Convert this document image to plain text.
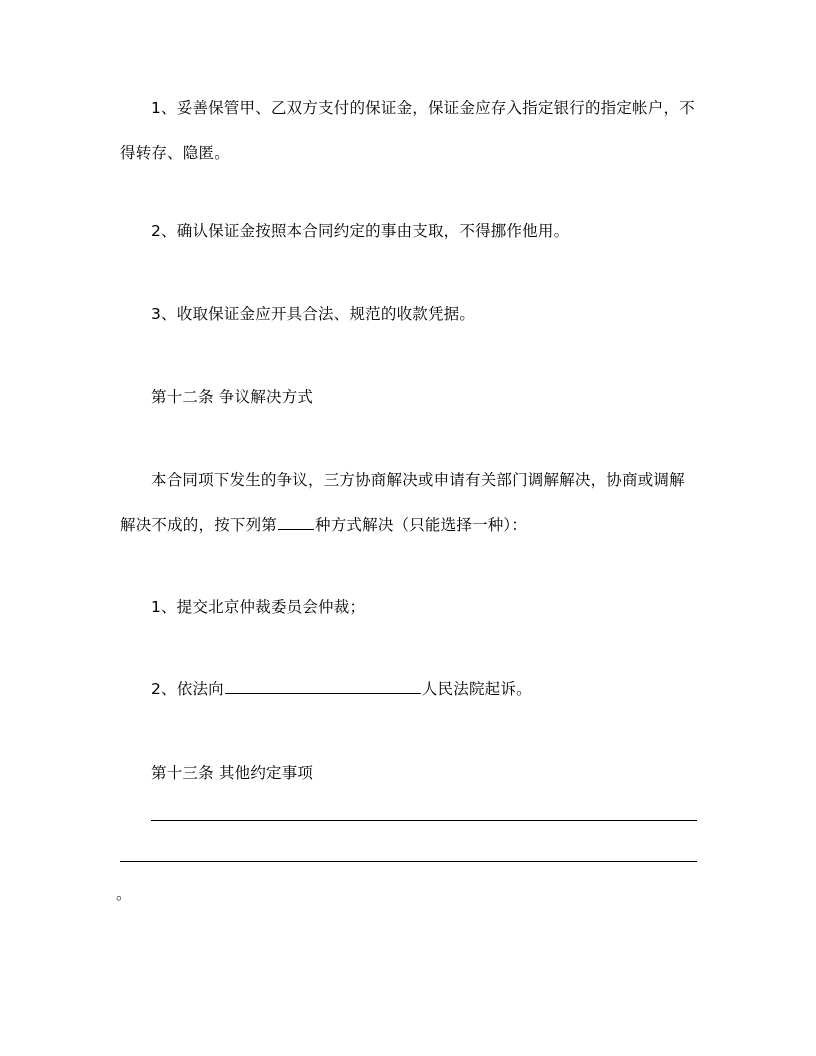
1、妥善保管甲、乙双方支付的保证金，保证金应存入指定银行的指定帐户，不
得转存、隐匿。
2、确认保证金按照本合同约定的事由支取，不得挪作他用。
3、收取保证金应开具合法、规范的收款凭据。
第十二条 争议解决方式
本合同项下发生的争议，三方协商解决或申请有关部门调解解决，协商或调解
解决不成的，按下列第 种方式解决（只能选择一种）：
1、提交北京仲裁委员会仲裁；
2、依法向	人民法院起诉。
第十三条 其他约定事项
。
